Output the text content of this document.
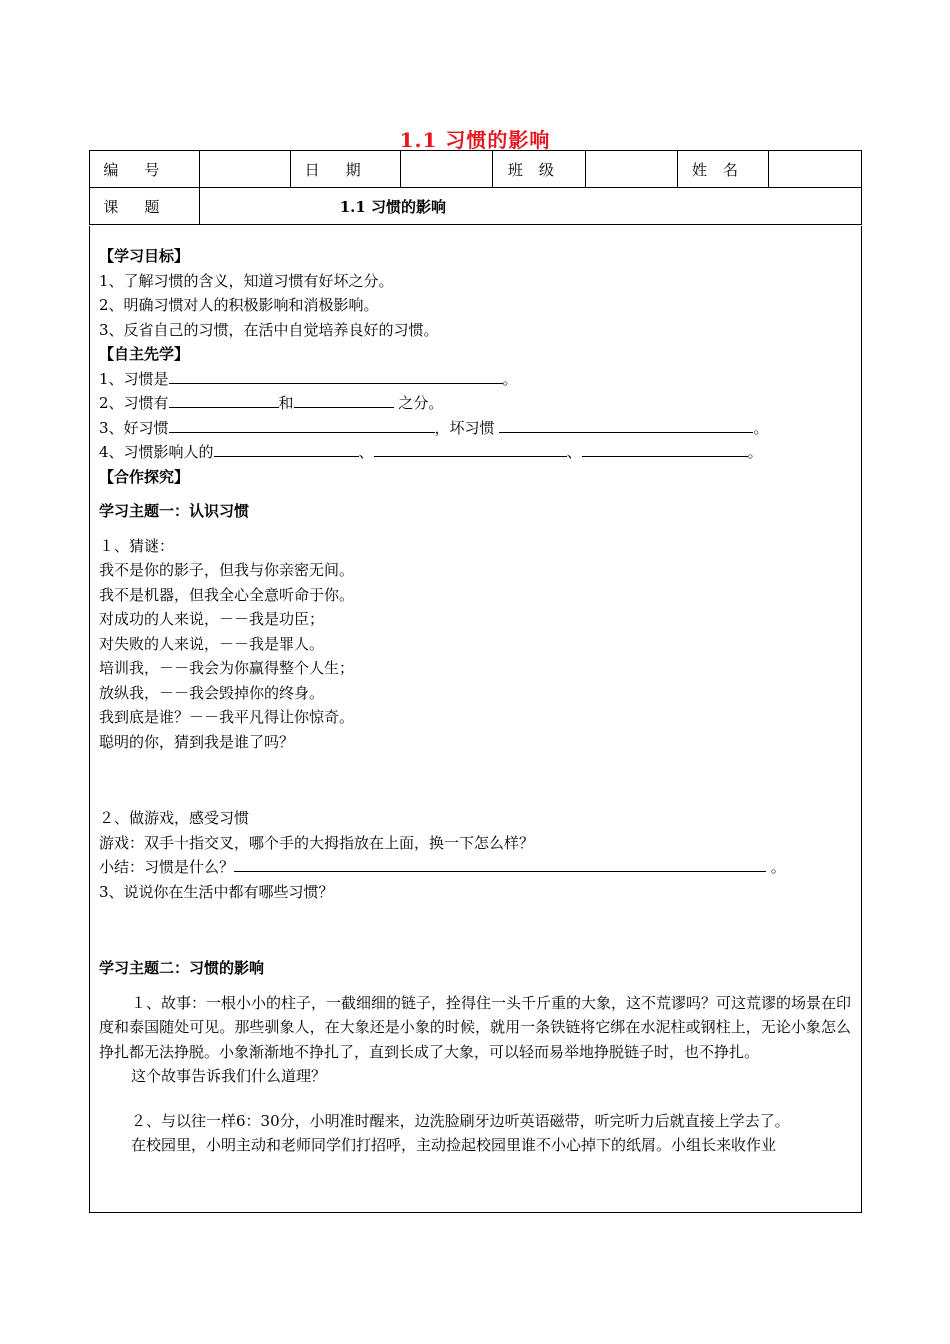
1.1 习惯的影响
编号		日期		班级		姓名	
课题	1.1 习惯的影响						
【学习目标】
1、了解习惯的含义，知道习惯有好坏之分。
2、明确习惯对人的积极影响和消极影响。
3、反省自己的习惯，在活中自觉培养良好的习惯。
【自主先学】
1、习惯是	。
2、习惯有	和	之分。
3、好习惯	，坏习惯	。
4、习惯影响人的	、	、	。
【合作探究】
学习主题一：认识习惯
１、猜谜：
我不是你的影子，但我与你亲密无间。
我不是机器，但我全心全意听命于你。
对成功的人来说，－－我是功臣；
对失败的人来说，－－我是罪人。
培训我，－－我会为你赢得整个人生；
放纵我，－－我会毁掉你的终身。
我到底是谁？－－我平凡得让你惊奇。
聪明的你，猜到我是谁了吗？
２、做游戏，感受习惯
游戏：双手十指交叉，哪个手的大拇指放在上面，换一下怎么样？
小结：习惯是什么？	。
3、说说你在生活中都有哪些习惯？
学习主题二：习惯的影响

１、故事：一根小小的柱子，一截细细的链子，拴得住一头千斤重的大象，这不荒谬吗？可这荒谬的场景在印度和泰国随处可见。那些驯象人，在大象还是小象的时候，就用一条铁链将它绑在水泥柱或钢柱上，无论小象怎么挣扎都无法挣脱。小象渐渐地不挣扎了，直到长成了大象，可以轻而易举地挣脱链子时，也不挣扎。

这个故事告诉我们什么道理？

２、与以往一样6：30分，小明准时醒来，边洗脸刷牙边听英语磁带，听完听力后就直接上学去了。

在校园里，小明主动和老师同学们打招呼，主动捡起校园里谁不小心掉下的纸屑。小组长来收作业
